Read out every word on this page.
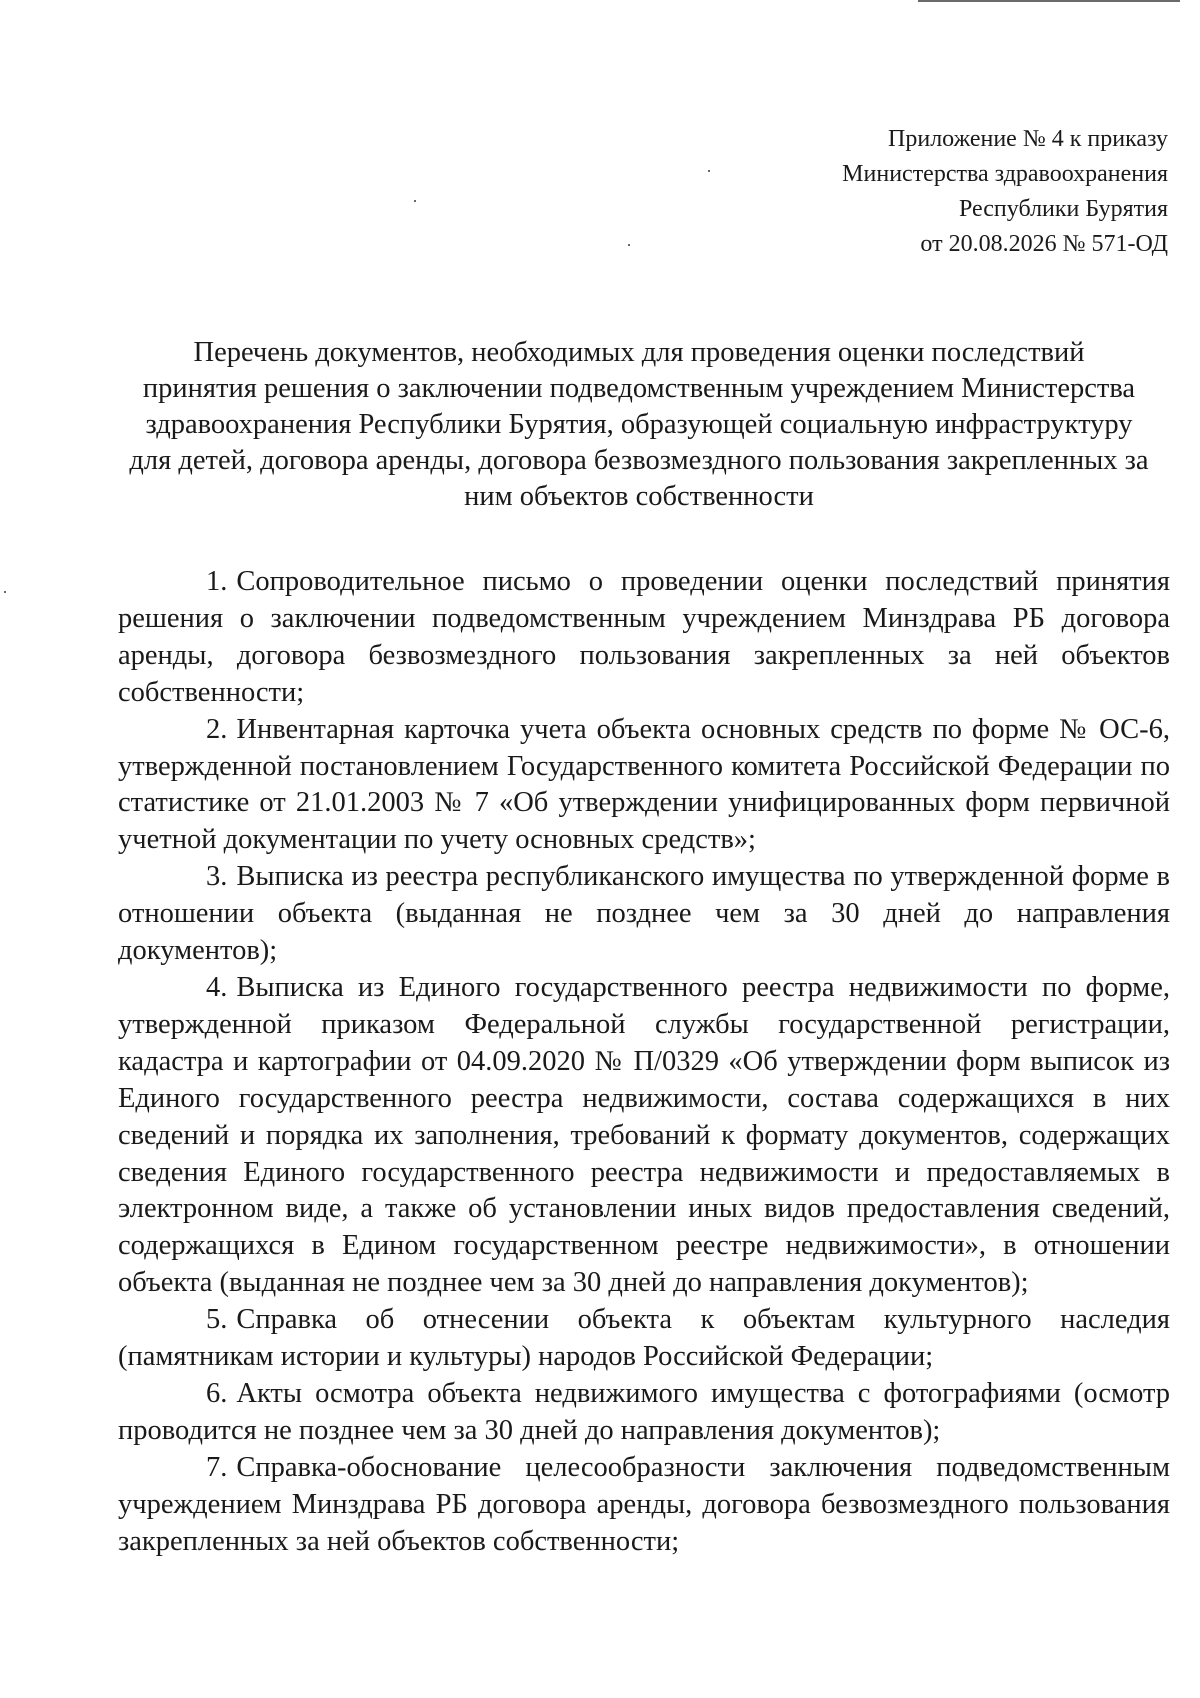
Приложение № 4 к приказу
Министерства здравоохранения
Республики Бурятия
от 20.08.2026 № 571-ОД
Перечень документов, необходимых для проведения оценки последствий
принятия решения о заключении подведомственным учреждением Министерства
здравоохранения Республики Бурятия, образующей социальную инфраструктуру
для детей, договора аренды, договора безвозмездного пользования закрепленных за
ним объектов собственности

1. Сопроводительное письмо о проведении оценки последствий принятия решения о заключении подведомственным учреждением Минздрава РБ договора аренды, договора безвозмездного пользования закрепленных за ней объектов собственности;

2. Инвентарная карточка учета объекта основных средств по форме № ОС-6, утвержденной постановлением Государственного комитета Российской Федерации по статистике от 21.01.2003 № 7 «Об утверждении унифицированных форм первичной учетной документации по учету основных средств»;

3. Выписка из реестра республиканского имущества по утвержденной форме в отношении объекта (выданная не позднее чем за 30 дней до направления документов);

4. Выписка из Единого государственного реестра недвижимости по форме, утвержденной приказом Федеральной службы государственной регистрации, кадастра и картографии от 04.09.2020 № П/0329 «Об утверждении форм выписок из Единого государственного реестра недвижимости, состава содержащихся в них сведений и порядка их заполнения, требований к формату документов, содержащих сведения Единого государственного реестра недвижимости и предоставляемых в электронном виде, а также об установлении иных видов предоставления сведений, содержащихся в Едином государственном реестре недвижимости», в отношении объекта (выданная не позднее чем за 30 дней до направления документов);

5. Справка об отнесении объекта к объектам культурного наследия (памятникам истории и культуры) народов Российской Федерации;

6. Акты осмотра объекта недвижимого имущества с фотографиями (осмотр проводится не позднее чем за 30 дней до направления документов);

7. Справка-обоснование целесообразности заключения подведомственным учреждением Минздрава РБ договора аренды, договора безвозмездного пользования закрепленных за ней объектов собственности;
